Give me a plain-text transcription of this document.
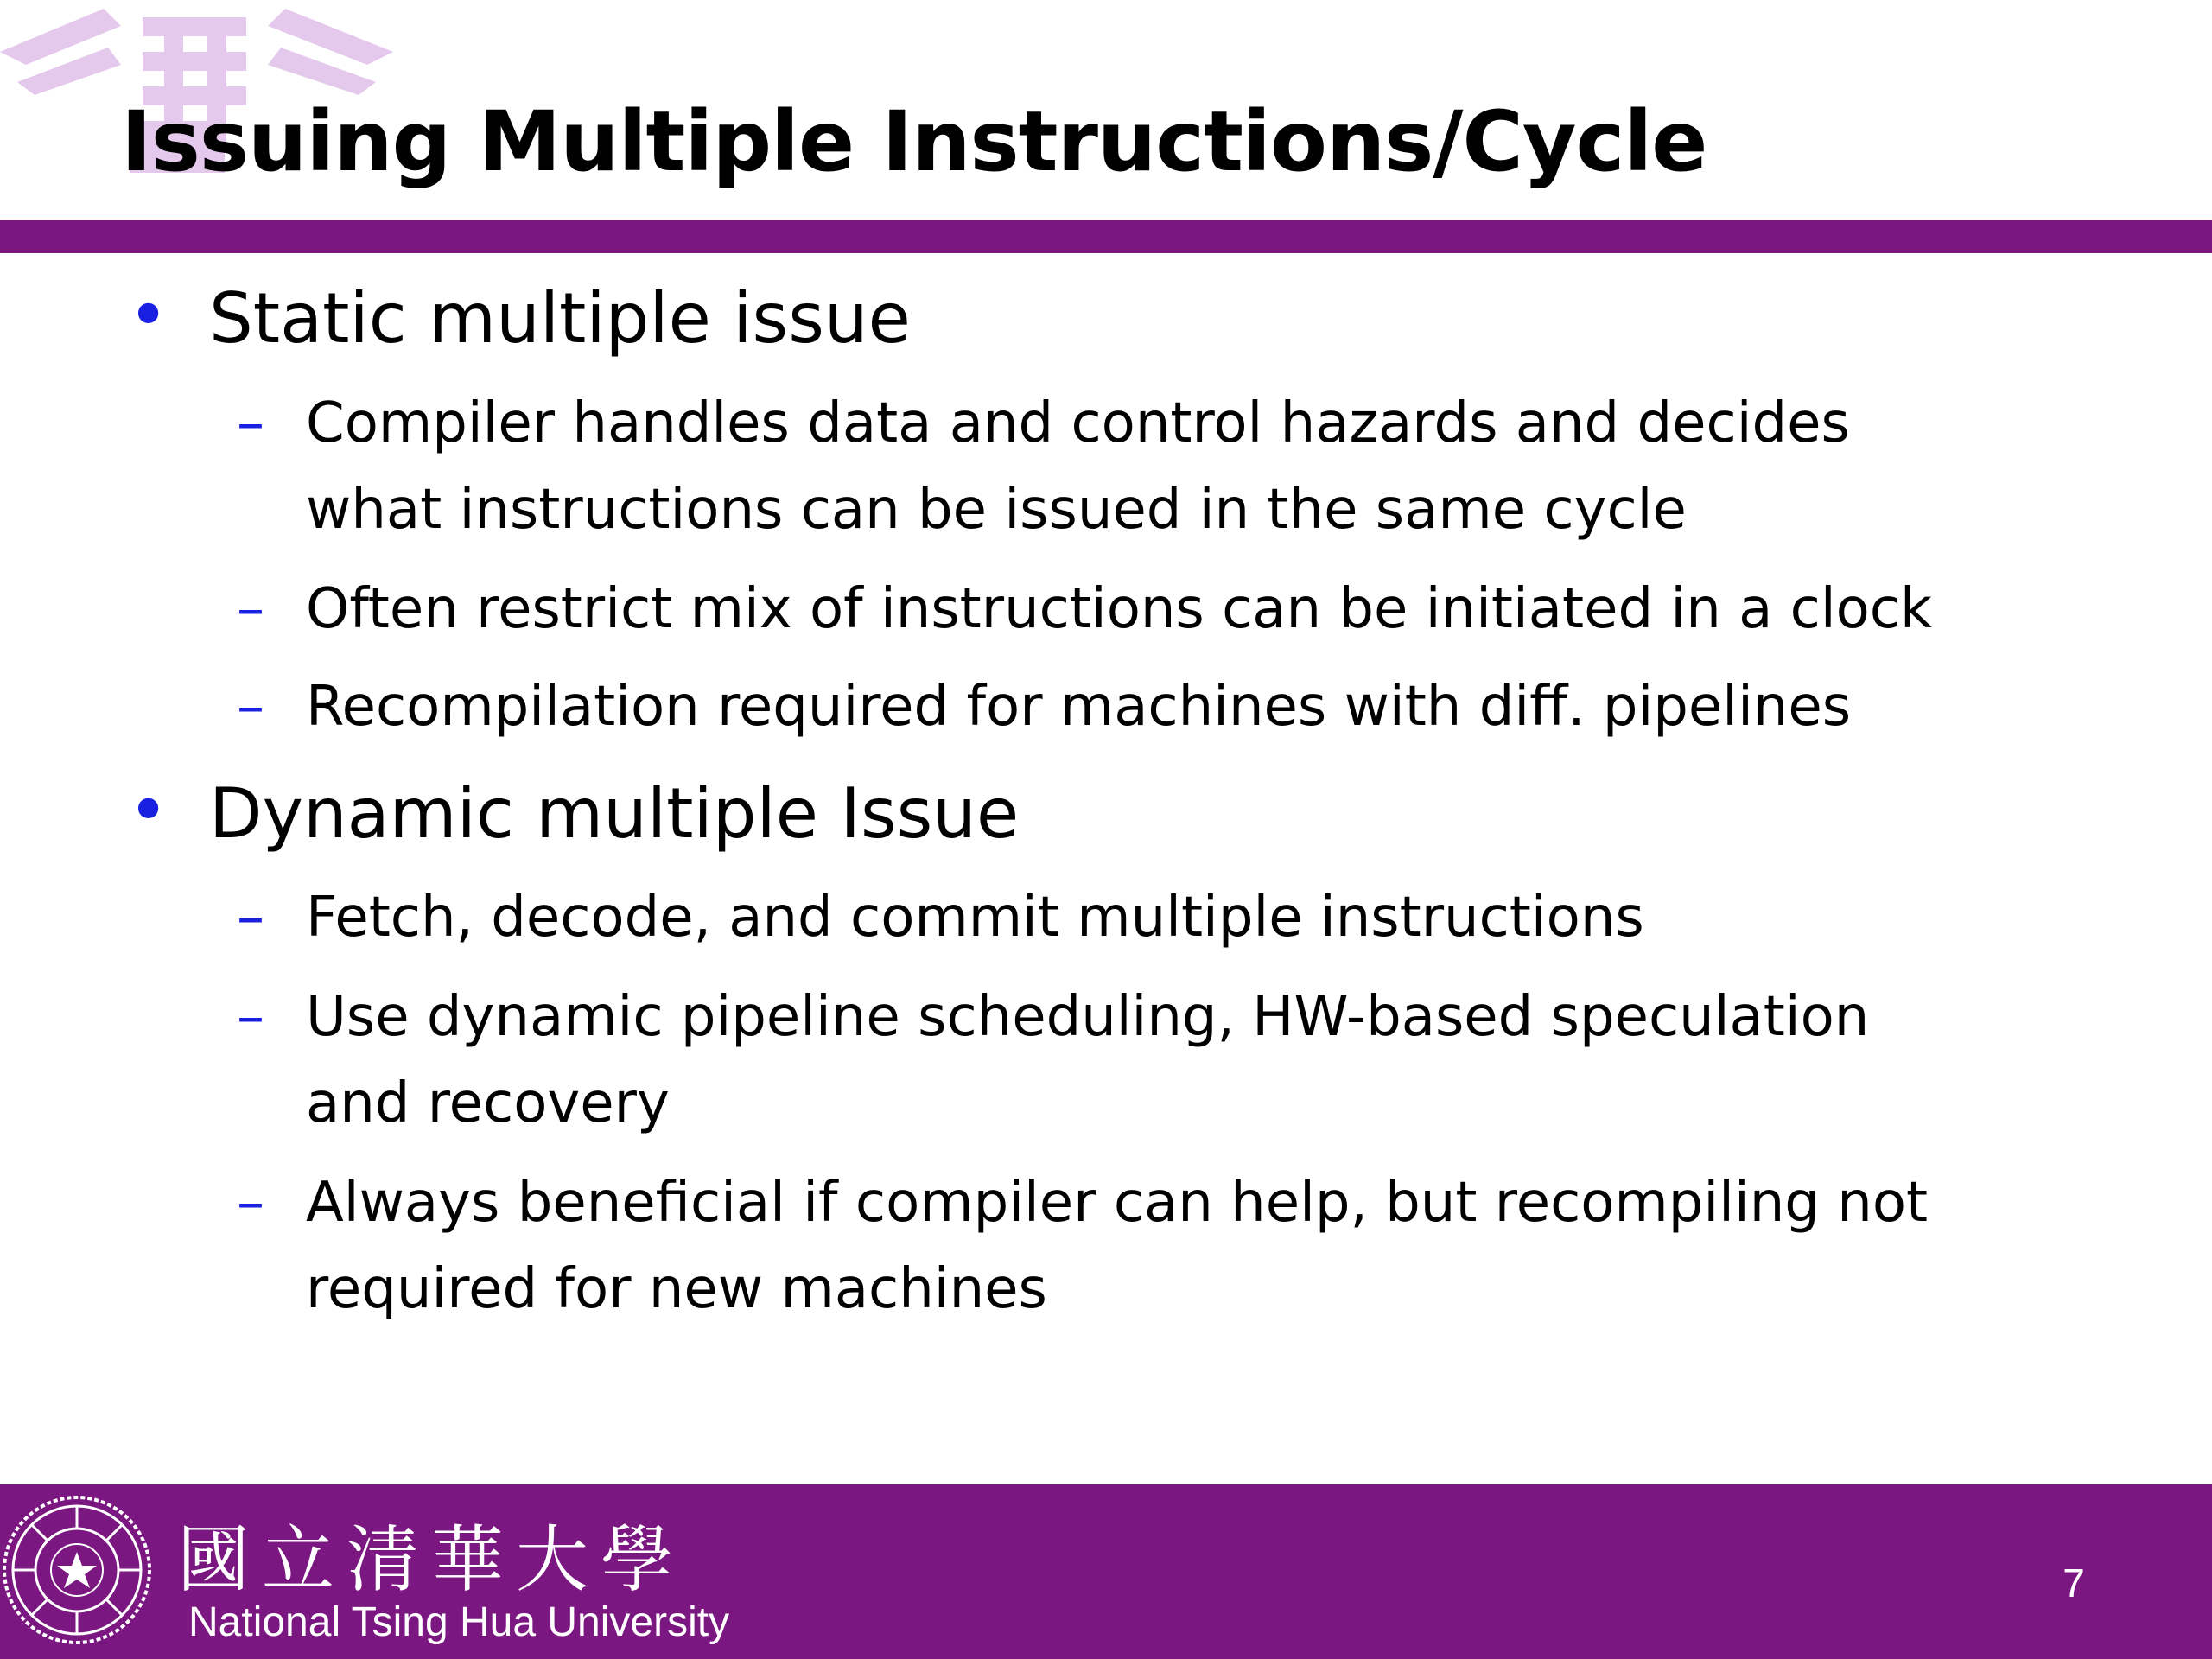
Issuing Multiple Instructions/Cycle
• Static multiple issue
– Compiler handles data and control hazards and decides
what instructions can be issued in the same cycle
– Often restrict mix of instructions can be initiated in a clock
– Recompilation required for machines with diff. pipelines
• Dynamic multiple Issue
– Fetch, decode, and commit multiple instructions
– Use dynamic pipeline scheduling, HW-based speculation
and recovery
– Always beneficial if compiler can help, but recompiling not
required for new machines
國立清華大學
National Tsing Hua University
7
